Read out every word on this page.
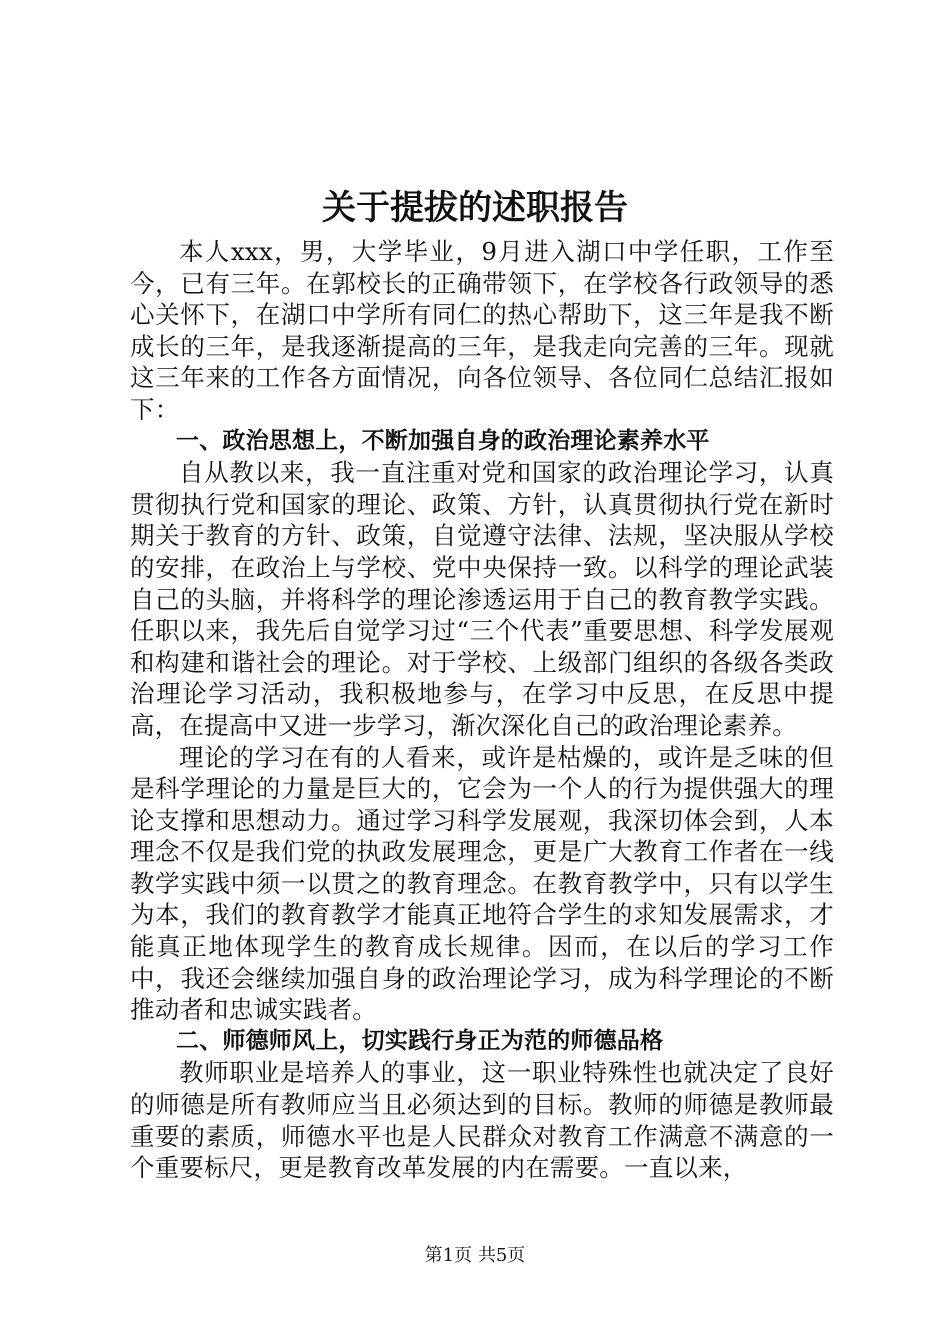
关于提拔的述职报告

本人xxx，男，大学毕业，9月进入湖口中学任职，工作至今，已有三年。在郭校长的正确带领下，在学校各行政领导的悉心关怀下，在湖口中学所有同仁的热心帮助下，这三年是我不断成长的三年，是我逐渐提高的三年，是我走向完善的三年。现就这三年来的工作各方面情况，向各位领导、各位同仁总结汇报如下：

一、政治思想上，不断加强自身的政治理论素养水平

自从教以来，我一直注重对党和国家的政治理论学习，认真贯彻执行党和国家的理论、政策、方针，认真贯彻执行党在新时期关于教育的方针、政策，自觉遵守法律、法规，坚决服从学校的安排，在政治上与学校、党中央保持一致。以科学的理论武装自己的头脑，并将科学的理论渗透运用于自己的教育教学实践。任职以来，我先后自觉学习过“三个代表”重要思想、科学发展观和构建和谐社会的理论。对于学校、上级部门组织的各级各类政治理论学习活动，我积极地参与，在学习中反思，在反思中提高，在提高中又进一步学习，渐次深化自己的政治理论素养。

理论的学习在有的人看来，或许是枯燥的，或许是乏味的但是科学理论的力量是巨大的，它会为一个人的行为提供强大的理论支撑和思想动力。通过学习科学发展观，我深切体会到，人本理念不仅是我们党的执政发展理念，更是广大教育工作者在一线教学实践中须一以贯之的教育理念。在教育教学中，只有以学生为本，我们的教育教学才能真正地符合学生的求知发展需求，才能真正地体现学生的教育成长规律。因而，在以后的学习工作中，我还会继续加强自身的政治理论学习，成为科学理论的不断推动者和忠诚实践者。

二、师德师风上，切实践行身正为范的师德品格

教师职业是培养人的事业，这一职业特殊性也就决定了良好的师德是所有教师应当且必须达到的目标。教师的师德是教师最重要的素质，师德水平也是人民群众对教育工作满意不满意的一个重要标尺，更是教育改革发展的内在需要。一直以来，

第1页 共5页
